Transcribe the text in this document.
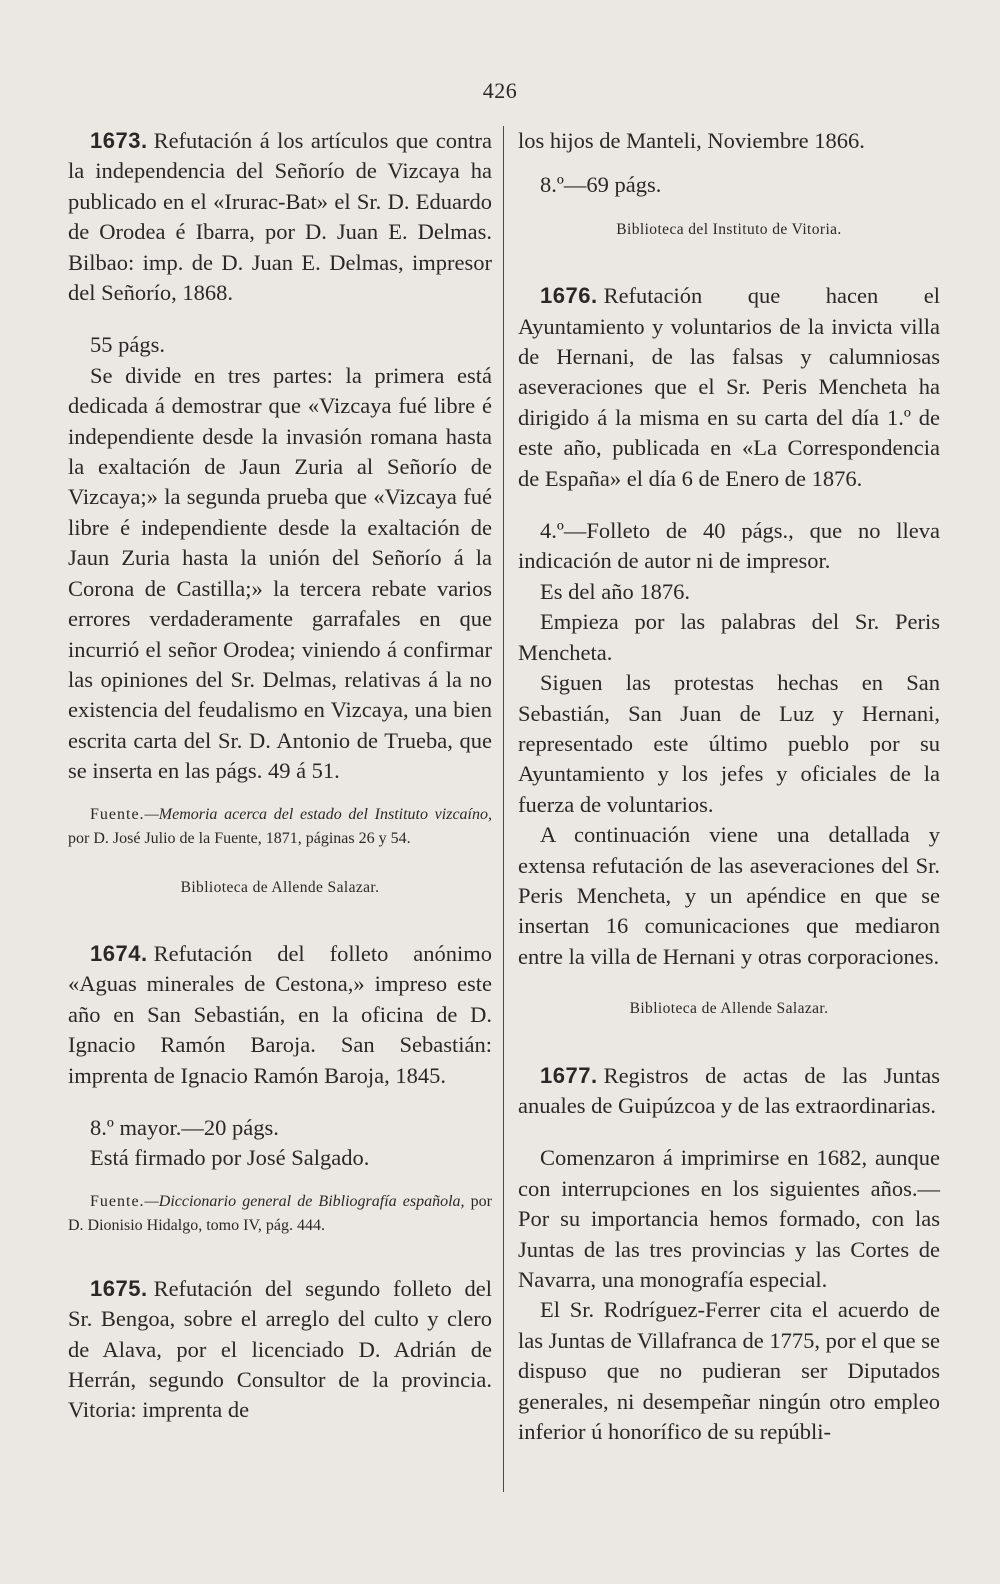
426

1673. Refutación á los artículos que contra la independencia del Señorío de Vizcaya ha publicado en el «Irurac-Bat» el Sr. D. Eduardo de Orodea é Ibarra, por D. Juan E. Delmas. Bilbao: imp. de D. Juan E. Delmas, impresor del Señorío, 1868.

55 págs.

Se divide en tres partes: la primera está dedicada á demostrar que «Vizcaya fué libre é independiente desde la invasión romana hasta la exaltación de Jaun Zuria al Señorío de Vizcaya;» la segunda prueba que «Vizcaya fué libre é independiente desde la exaltación de Jaun Zuria hasta la unión del Señorío á la Corona de Castilla;» la tercera rebate varios errores verdaderamente garrafales en que incurrió el señor Orodea; viniendo á confirmar las opiniones del Sr. Delmas, relativas á la no existencia del feudalismo en Vizcaya, una bien escrita carta del Sr. D. Antonio de Trueba, que se inserta en las págs. 49 á 51.

Fuente.—Memoria acerca del estado del Instituto vizcaíno, por D. José Julio de la Fuente, 1871, páginas 26 y 54.

Biblioteca de Allende Salazar.

1674. Refutación del folleto anónimo «Aguas minerales de Cestona,» impreso este año en San Sebastián, en la oficina de D. Ignacio Ramón Baroja. San Sebastián: imprenta de Ignacio Ramón Baroja, 1845.

8.º mayor.—20 págs.

Está firmado por José Salgado.

Fuente.—Diccionario general de Bibliografía española, por D. Dionisio Hidalgo, tomo IV, pág. 444.

1675. Refutación del segundo folleto del Sr. Bengoa, sobre el arreglo del culto y clero de Alava, por el licenciado D. Adrián de Herrán, segundo Consultor de la provincia. Vitoria: imprenta de

los hijos de Manteli, Noviembre 1866.

8.º—69 págs.

Biblioteca del Instituto de Vitoria.

1676. Refutación que hacen el Ayuntamiento y voluntarios de la invicta villa de Hernani, de las falsas y calumniosas aseveraciones que el Sr. Peris Mencheta ha dirigido á la misma en su carta del día 1.º de este año, publicada en «La Correspondencia de España» el día 6 de Enero de 1876.

4.º—Folleto de 40 págs., que no lleva indicación de autor ni de impresor.

Es del año 1876.

Empieza por las palabras del Sr. Peris Mencheta.

Siguen las protestas hechas en San Sebastián, San Juan de Luz y Hernani, representado este último pueblo por su Ayuntamiento y los jefes y oficiales de la fuerza de voluntarios.

A continuación viene una detallada y extensa refutación de las aseveraciones del Sr. Peris Mencheta, y un apéndice en que se insertan 16 comunicaciones que mediaron entre la villa de Hernani y otras corporaciones.

Biblioteca de Allende Salazar.

1677. Registros de actas de las Juntas anuales de Guipúzcoa y de las extraordinarias.

Comenzaron á imprimirse en 1682, aunque con interrupciones en los siguientes años.—Por su importancia hemos formado, con las Juntas de las tres provincias y las Cortes de Navarra, una monografía especial.

El Sr. Rodríguez-Ferrer cita el acuerdo de las Juntas de Villafranca de 1775, por el que se dispuso que no pudieran ser Diputados generales, ni desempeñar ningún otro empleo inferior ú honorífico de su repúbli-
